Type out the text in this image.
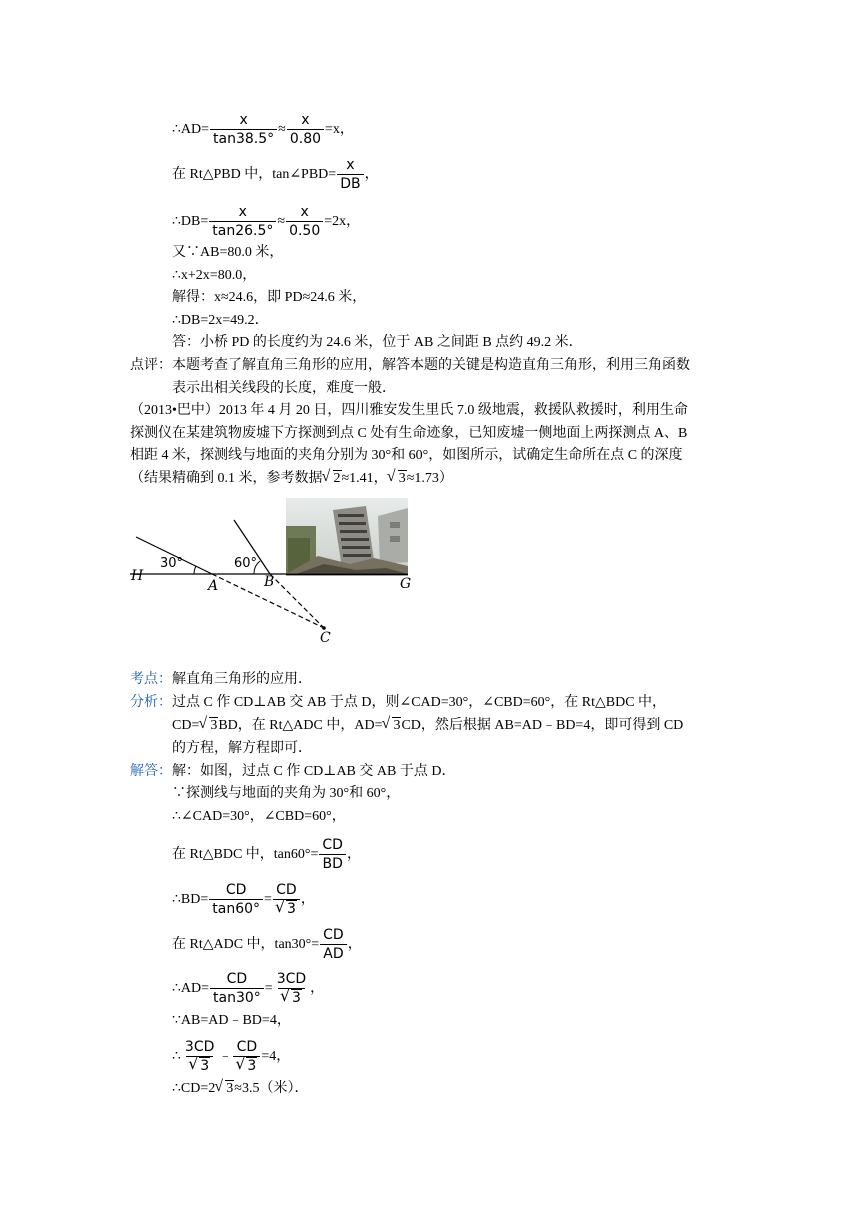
∴AD= $\frac{x}{\tan 38.5^\circ} \approx \frac{x}{0.80} =x$，
在 Rt△PBD 中，tan∠PBD= $\frac{x}{DB}$ ，
∴DB= $\frac{x}{\tan 26.5^\circ} \approx \frac{x}{0.50} =2x$，
又∵AB=80.0 米，
∴x+2x=80.0，
解得：x≈24.6，即 PD≈24.6 米，
∴DB=2x=49.2．
答：小桥 PD 的长度约为 24.6 米，位于 AB 之间距 B 点约 49.2 米．
点评：本题考查了解直角三角形的应用，解答本题的关键是构造直角三角形，利用三角函数
表示出相关线段的长度，难度一般．
（2013•巴中）2013 年 4 月 20 日，四川雅安发生里氏 7.0 级地震，救援队救援时，利用生命
探测仪在某建筑物废墟下方探测到点 C 处有生命迹象，已知废墟一侧地面上两探测点 A、B
相距 4 米，探测线与地面的夹角分别为 30°和 60°，如图所示，试确定生命所在点 C 的深度
（结果精确到 0.1 米，参考数据 √ 2≈1.41， √ 3≈1.73）
H
A	B	G
C
30°	60°
考点：解直角三角形的应用．
分析：过点 C 作 CD⊥AB 交 AB 于点 D，则∠CAD=30°，∠CBD=60°，在 Rt△BDC 中，
CD= √ 3BD，在 Rt△ADC 中，AD= √ 3CD，然后根据 AB=AD﹣BD=4，即可得到 CD
的方程，解方程即可．
解答：解：如图，过点 C 作 CD⊥AB 交 AB 于点 D．
∵探测线与地面的夹角为 30°和 60°，
∴∠CAD=30°，∠CBD=60°，
在 Rt△BDC 中，$\tan 60^\circ= \frac{CD}{BD}$ ，
∴BD= $\frac{CD}{\tan 60^\circ}$ = CD
√ 3 ，
在 Rt△ADC 中，$\tan 30^\circ= \frac{CD}{AD}$ ，
∴AD= $\frac{CD}{\tan 30^\circ} = 3CD$
√ 3 ，
∵AB=AD﹣BD=4，
∴ 3CD
√ 3 ﹣ CD
√ 3 =4，
∴CD=2 √ 3≈3.5（米）．
